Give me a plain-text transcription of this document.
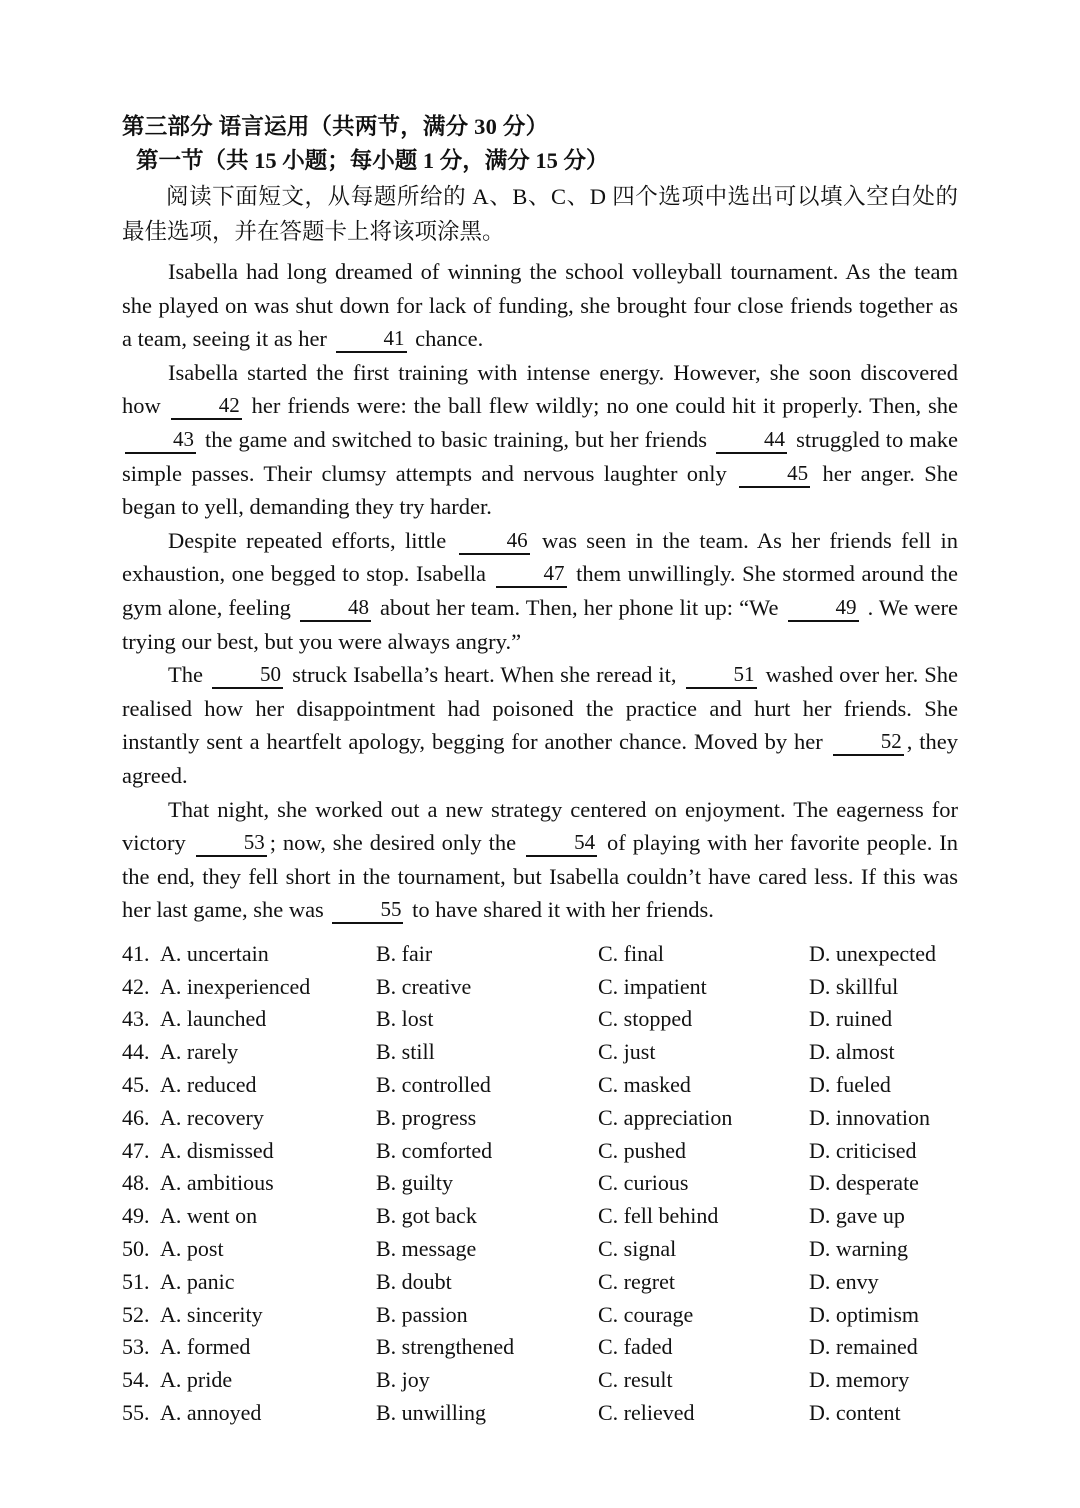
第三部分 语言运用（共两节，满分 30 分）
第一节（共 15 小题；每小题 1 分，满分 15 分）
阅读下面短文，从每题所给的 A、B、C、D 四个选项中选出可以填入空白处的最佳选项，并在答题卡上将该项涂黑。

Isabella had long dreamed of winning the school volleyball tournament. As the team she played on was shut down for lack of funding, she brought four close friends together as a team, seeing it as her	41 chance.

Isabella started the first training with intense energy. However, she soon discovered how	42 her friends were: the ball flew wildly; no one could hit it properly. Then, she 43 the game and switched to basic training, but her friends	44 struggled to make simple passes. Their clumsy attempts and nervous laughter only	45 her anger. She began to yell, demanding they try harder.

Despite repeated efforts, little	46 was seen in the team. As her friends fell in exhaustion, one begged to stop. Isabella	47 them unwillingly. She stormed around the gym alone, feeling	48 about her team. Then, her phone lit up: “We	49 . We were trying our best, but you were always angry.”

The	50 struck Isabella’s heart. When she reread it,	51 washed over her. She realised how her disappointment had poisoned the practice and hurt her friends. She instantly sent a heartfelt apology, begging for another chance. Moved by her	52 , they agreed.

That night, she worked out a new strategy centered on enjoyment. The eagerness for victory	53 ; now, she desired only the	54 of playing with her favorite people. In the end, they fell short in the tournament, but Isabella couldn’t have cared less. If this was her last game, she was	55 to have shared it with her friends.

41. A. uncertain	B. fair	C. final	D. unexpected
42. A. inexperienced	B. creative	C. impatient	D. skillful
43. A. launched	B. lost	C. stopped	D. ruined
44. A. rarely	B. still	C. just	D. almost
45. A. reduced	B. controlled	C. masked	D. fueled
46. A. recovery	B. progress	C. appreciation	D. innovation
47. A. dismissed	B. comforted	C. pushed	D. criticised
48. A. ambitious	B. guilty	C. curious	D. desperate
49. A. went on	B. got back	C. fell behind	D. gave up
50. A. post	B. message	C. signal	D. warning
51. A. panic	B. doubt	C. regret	D. envy
52. A. sincerity	B. passion	C. courage	D. optimism
53. A. formed	B. strengthened	C. faded	D. remained
54. A. pride	B. joy	C. result	D. memory
55. A. annoyed	B. unwilling	C. relieved	D. content
